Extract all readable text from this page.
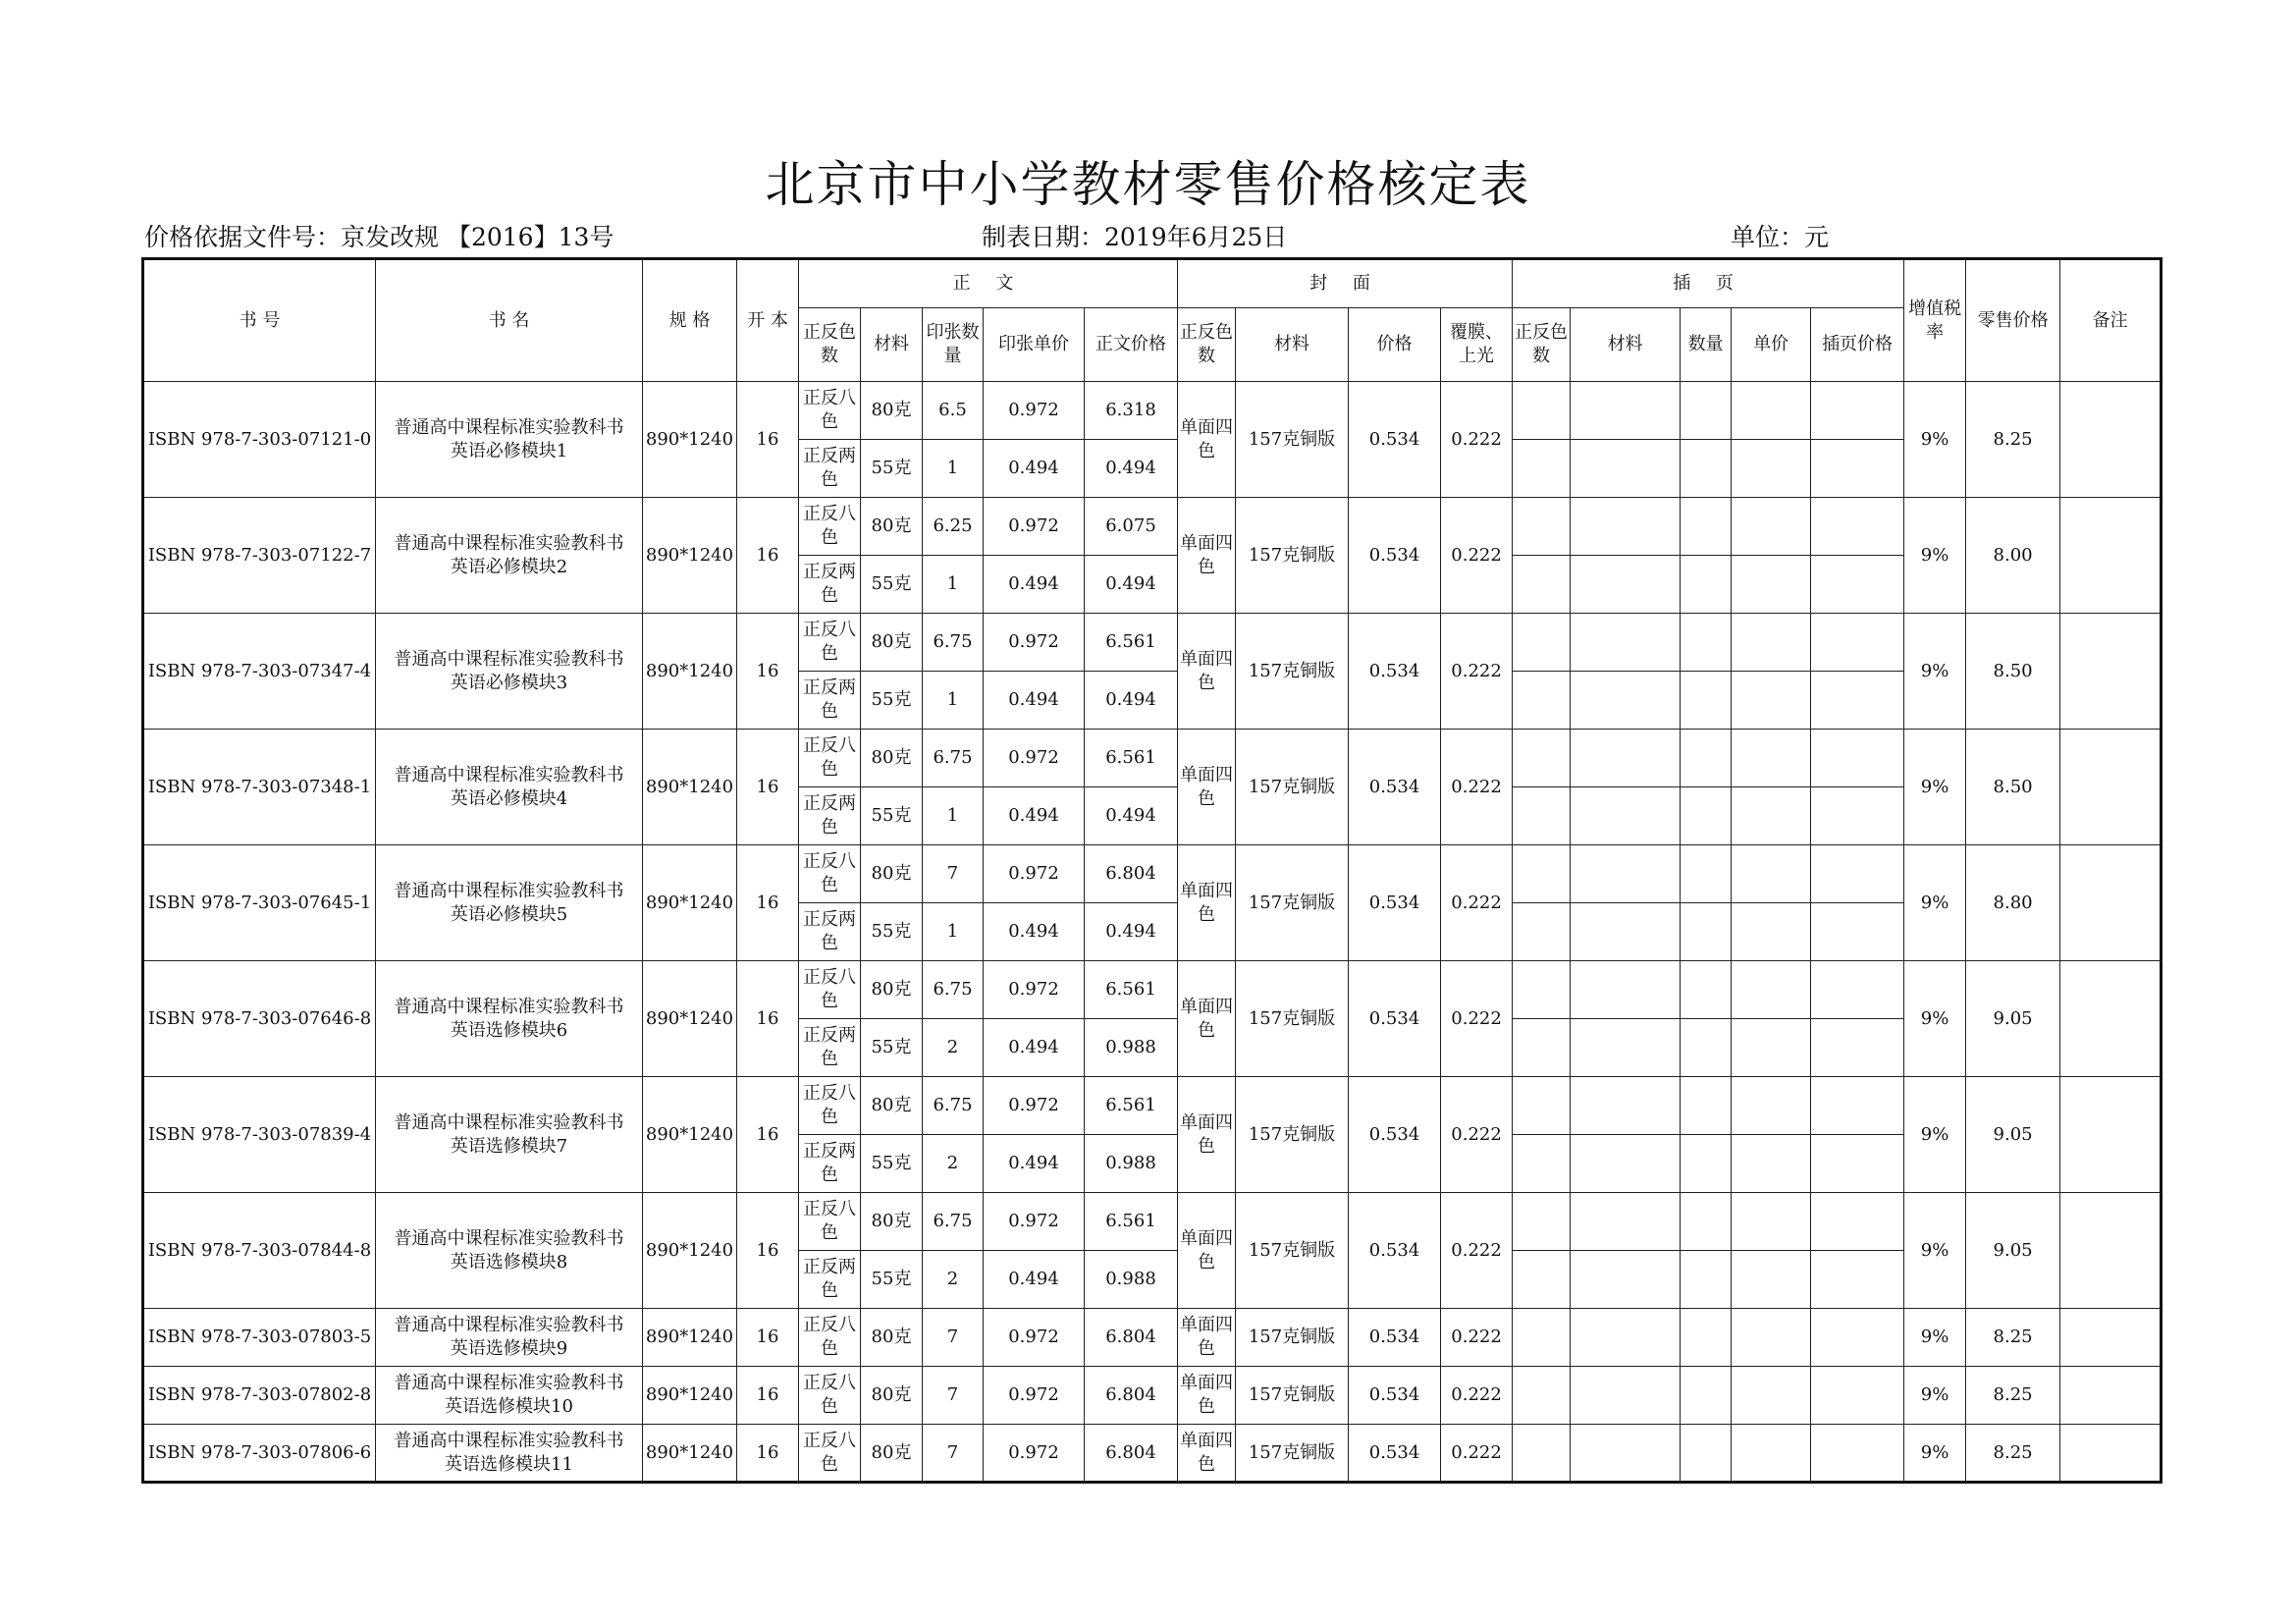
北京市中小学教材零售价格核定表
价格依据文件号：京发改规 【2016】13号	制表日期：2019年6月25日	单位：元
书 号	书 名	规 格	开 本	正 文					封 面				插 页					增值税率	零售价格	备注
				正反色数	材料	印张数量	印张单价	正文价格	正反色数	材料	价格	覆膜、上光	正反色数	材料	数量	单价	插页价格			
ISBN 978-7-303-07121-0	普通高中课程标准实验教科书
英语必修模块1	890*1240	16	正反八色	80克	6.5	0.972	6.318	单面四色	157克铜版	0.534	0.222						9%	8.25	
				正反两色	55克	1	0.494	0.494												
ISBN 978-7-303-07122-7	普通高中课程标准实验教科书
英语必修模块2	890*1240	16	正反八色	80克	6.25	0.972	6.075	单面四色	157克铜版	0.534	0.222						9%	8.00	
				正反两色	55克	1	0.494	0.494												
ISBN 978-7-303-07347-4	普通高中课程标准实验教科书
英语必修模块3	890*1240	16	正反八色	80克	6.75	0.972	6.561	单面四色	157克铜版	0.534	0.222						9%	8.50	
				正反两色	55克	1	0.494	0.494												
ISBN 978-7-303-07348-1	普通高中课程标准实验教科书
英语必修模块4	890*1240	16	正反八色	80克	6.75	0.972	6.561	单面四色	157克铜版	0.534	0.222						9%	8.50	
				正反两色	55克	1	0.494	0.494												
ISBN 978-7-303-07645-1	普通高中课程标准实验教科书
英语必修模块5	890*1240	16	正反八色	80克	7	0.972	6.804	单面四色	157克铜版	0.534	0.222						9%	8.80	
				正反两色	55克	1	0.494	0.494												
ISBN 978-7-303-07646-8	普通高中课程标准实验教科书
英语选修模块6	890*1240	16	正反八色	80克	6.75	0.972	6.561	单面四色	157克铜版	0.534	0.222						9%	9.05	
				正反两色	55克	2	0.494	0.988												
ISBN 978-7-303-07839-4	普通高中课程标准实验教科书
英语选修模块7	890*1240	16	正反八色	80克	6.75	0.972	6.561	单面四色	157克铜版	0.534	0.222						9%	9.05	
				正反两色	55克	2	0.494	0.988												
ISBN 978-7-303-07844-8	普通高中课程标准实验教科书
英语选修模块8	890*1240	16	正反八色	80克	6.75	0.972	6.561	单面四色	157克铜版	0.534	0.222						9%	9.05	
				正反两色	55克	2	0.494	0.988												
ISBN 978-7-303-07803-5	普通高中课程标准实验教科书
英语选修模块9	890*1240	16	正反八色	80克	7	0.972	6.804	单面四色	157克铜版	0.534	0.222						9%	8.25	
ISBN 978-7-303-07802-8	普通高中课程标准实验教科书
英语选修模块10	890*1240	16	正反八色	80克	7	0.972	6.804	单面四色	157克铜版	0.534	0.222						9%	8.25	
ISBN 978-7-303-07806-6	普通高中课程标准实验教科书
英语选修模块11	890*1240	16	正反八色	80克	7	0.972	6.804	单面四色	157克铜版	0.534	0.222						9%	8.25	
